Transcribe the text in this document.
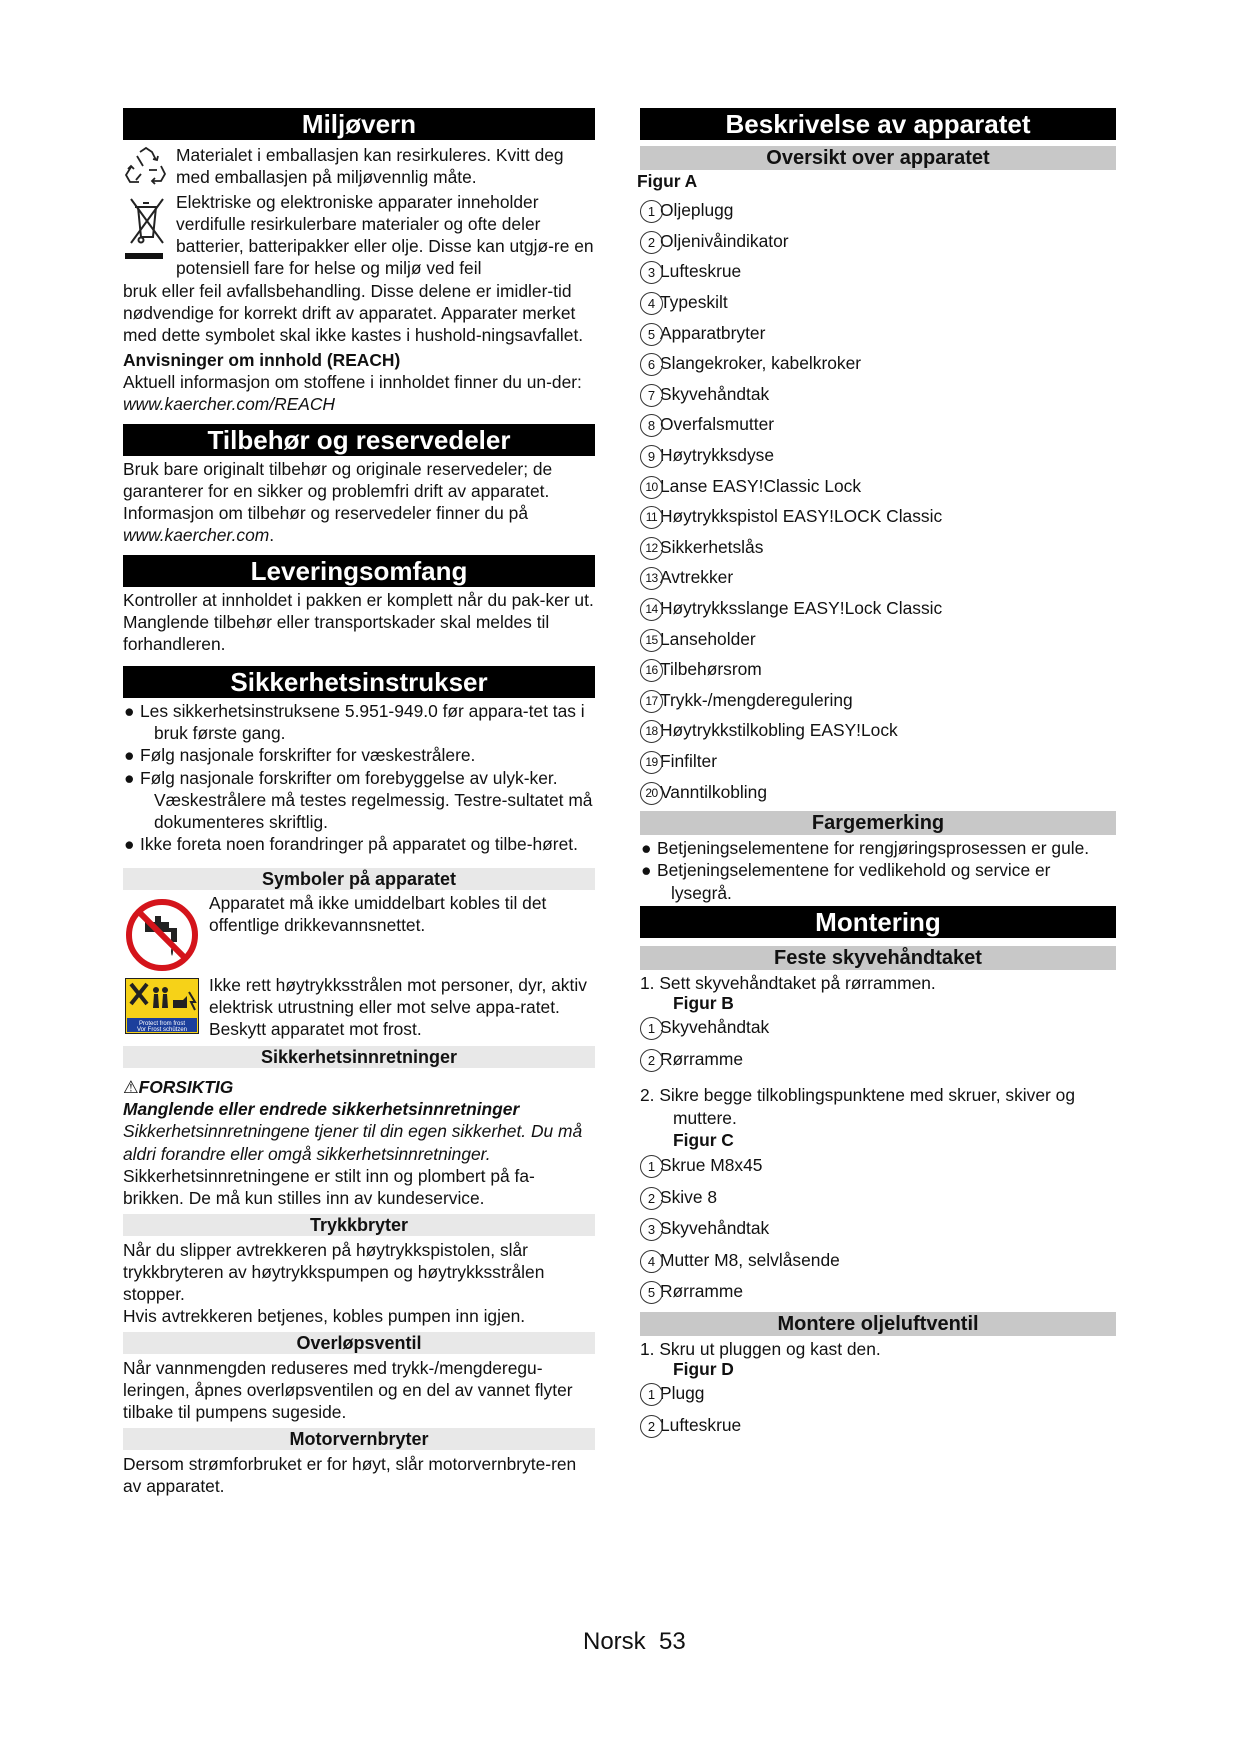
Miljøvern

Materialet i emballasjen kan resirkuleres. Kvitt deg med emballasjen på miljøvennlig måte.

Elektriske og elektroniske apparater inneholder verdifulle resirkulerbare materialer og ofte deler batterier, batteripakker eller olje. Disse kan utgjø-re en potensiell fare for helse og miljø ved feil

bruk eller feil avfallsbehandling. Disse delene er imidler-tid nødvendige for korrekt drift av apparatet. Apparater merket med dette symbolet skal ikke kastes i hushold-ningsavfallet.

Anvisninger om innhold (REACH)

Aktuell informasjon om stoffene i innholdet finner du un-der: www.kaercher.com/REACH

Tilbehør og reservedeler

Bruk bare originalt tilbehør og originale reservedeler; de garanterer for en sikker og problemfri drift av apparatet. Informasjon om tilbehør og reservedeler finner du på www.kaercher.com.

Leveringsomfang

Kontroller at innholdet i pakken er komplett når du pak-ker ut. Manglende tilbehør eller transportskader skal meldes til forhandleren.

Sikkerhetsinstrukser

● Les sikkerhetsinstruksene 5.951-949.0 før appara-tet tas i bruk første gang.

● Følg nasjonale forskrifter for væskestrålere.

● Følg nasjonale forskrifter om forebyggelse av ulyk-ker. Væskestrålere må testes regelmessig. Testre-sultatet må dokumenteres skriftlig.

● Ikke foreta noen forandringer på apparatet og tilbe-høret.

Symboler på apparatet

Apparatet må ikke umiddelbart kobles til det offentlige drikkevannsnettet.

Protect from frost
Vor Frost schützen

Ikke rett høytrykksstrålen mot personer, dyr, aktiv elektrisk utrustning eller mot selve appa-ratet. Beskytt apparatet mot frost.

Sikkerhetsinnretninger

⚠FORSIKTIG

Manglende eller endrede sikkerhetsinnretninger

Sikkerhetsinnretningene tjener til din egen sikkerhet. Du må aldri forandre eller omgå sikkerhetsinnretninger.

Sikkerhetsinnretningene er stilt inn og plombert på fa-brikken. De må kun stilles inn av kundeservice.

Trykkbryter

Når du slipper avtrekkeren på høytrykkspistolen, slår trykkbryteren av høytrykkspumpen og høytrykksstrålen stopper.

Hvis avtrekkeren betjenes, kobles pumpen inn igjen.

Overløpsventil

Når vannmengden reduseres med trykk-/mengderegu-leringen, åpnes overløpsventilen og en del av vannet flyter tilbake til pumpens sugeside.

Motorvernbryter

Dersom strømforbruket er for høyt, slår motorvernbryte-ren av apparatet.

Beskrivelse av apparatet
Oversikt over apparatet

Figur A

1 Oljeplugg
2 Oljenivåindikator
3 Lufteskrue
4 Typeskilt
5 Apparatbryter
6 Slangekroker, kabelkroker
7 Skyvehåndtak
8 Overfalsmutter
9 Høytrykksdyse
10 Lanse EASY!Classic Lock
11 Høytrykkspistol EASY!LOCK Classic
12 Sikkerhetslås
13 Avtrekker
14 Høytrykksslange EASY!Lock Classic
15 Lanseholder
16 Tilbehørsrom
17 Trykk-/mengderegulering
18 Høytrykkstilkobling EASY!Lock
19 Finfilter
20 Vanntilkobling
Fargemerking

● Betjeningselementene for rengjøringsprosessen er gule.

● Betjeningselementene for vedlikehold og service er lysegrå.

Montering
Feste skyvehåndtaket

1. Sett skyvehåndtaket på rørrammen.

Figur B

1 Skyvehåndtak
2 Rørramme

2. Sikre begge tilkoblingspunktene med skruer, skiver og muttere.

Figur C

1 Skrue M8x45
2 Skive 8
3 Skyvehåndtak
4 Mutter M8, selvlåsende
5 Rørramme
Montere oljeluftventil

1. Skru ut pluggen og kast den.

Figur D

1 Plugg
2 Lufteskrue
Norsk 53
